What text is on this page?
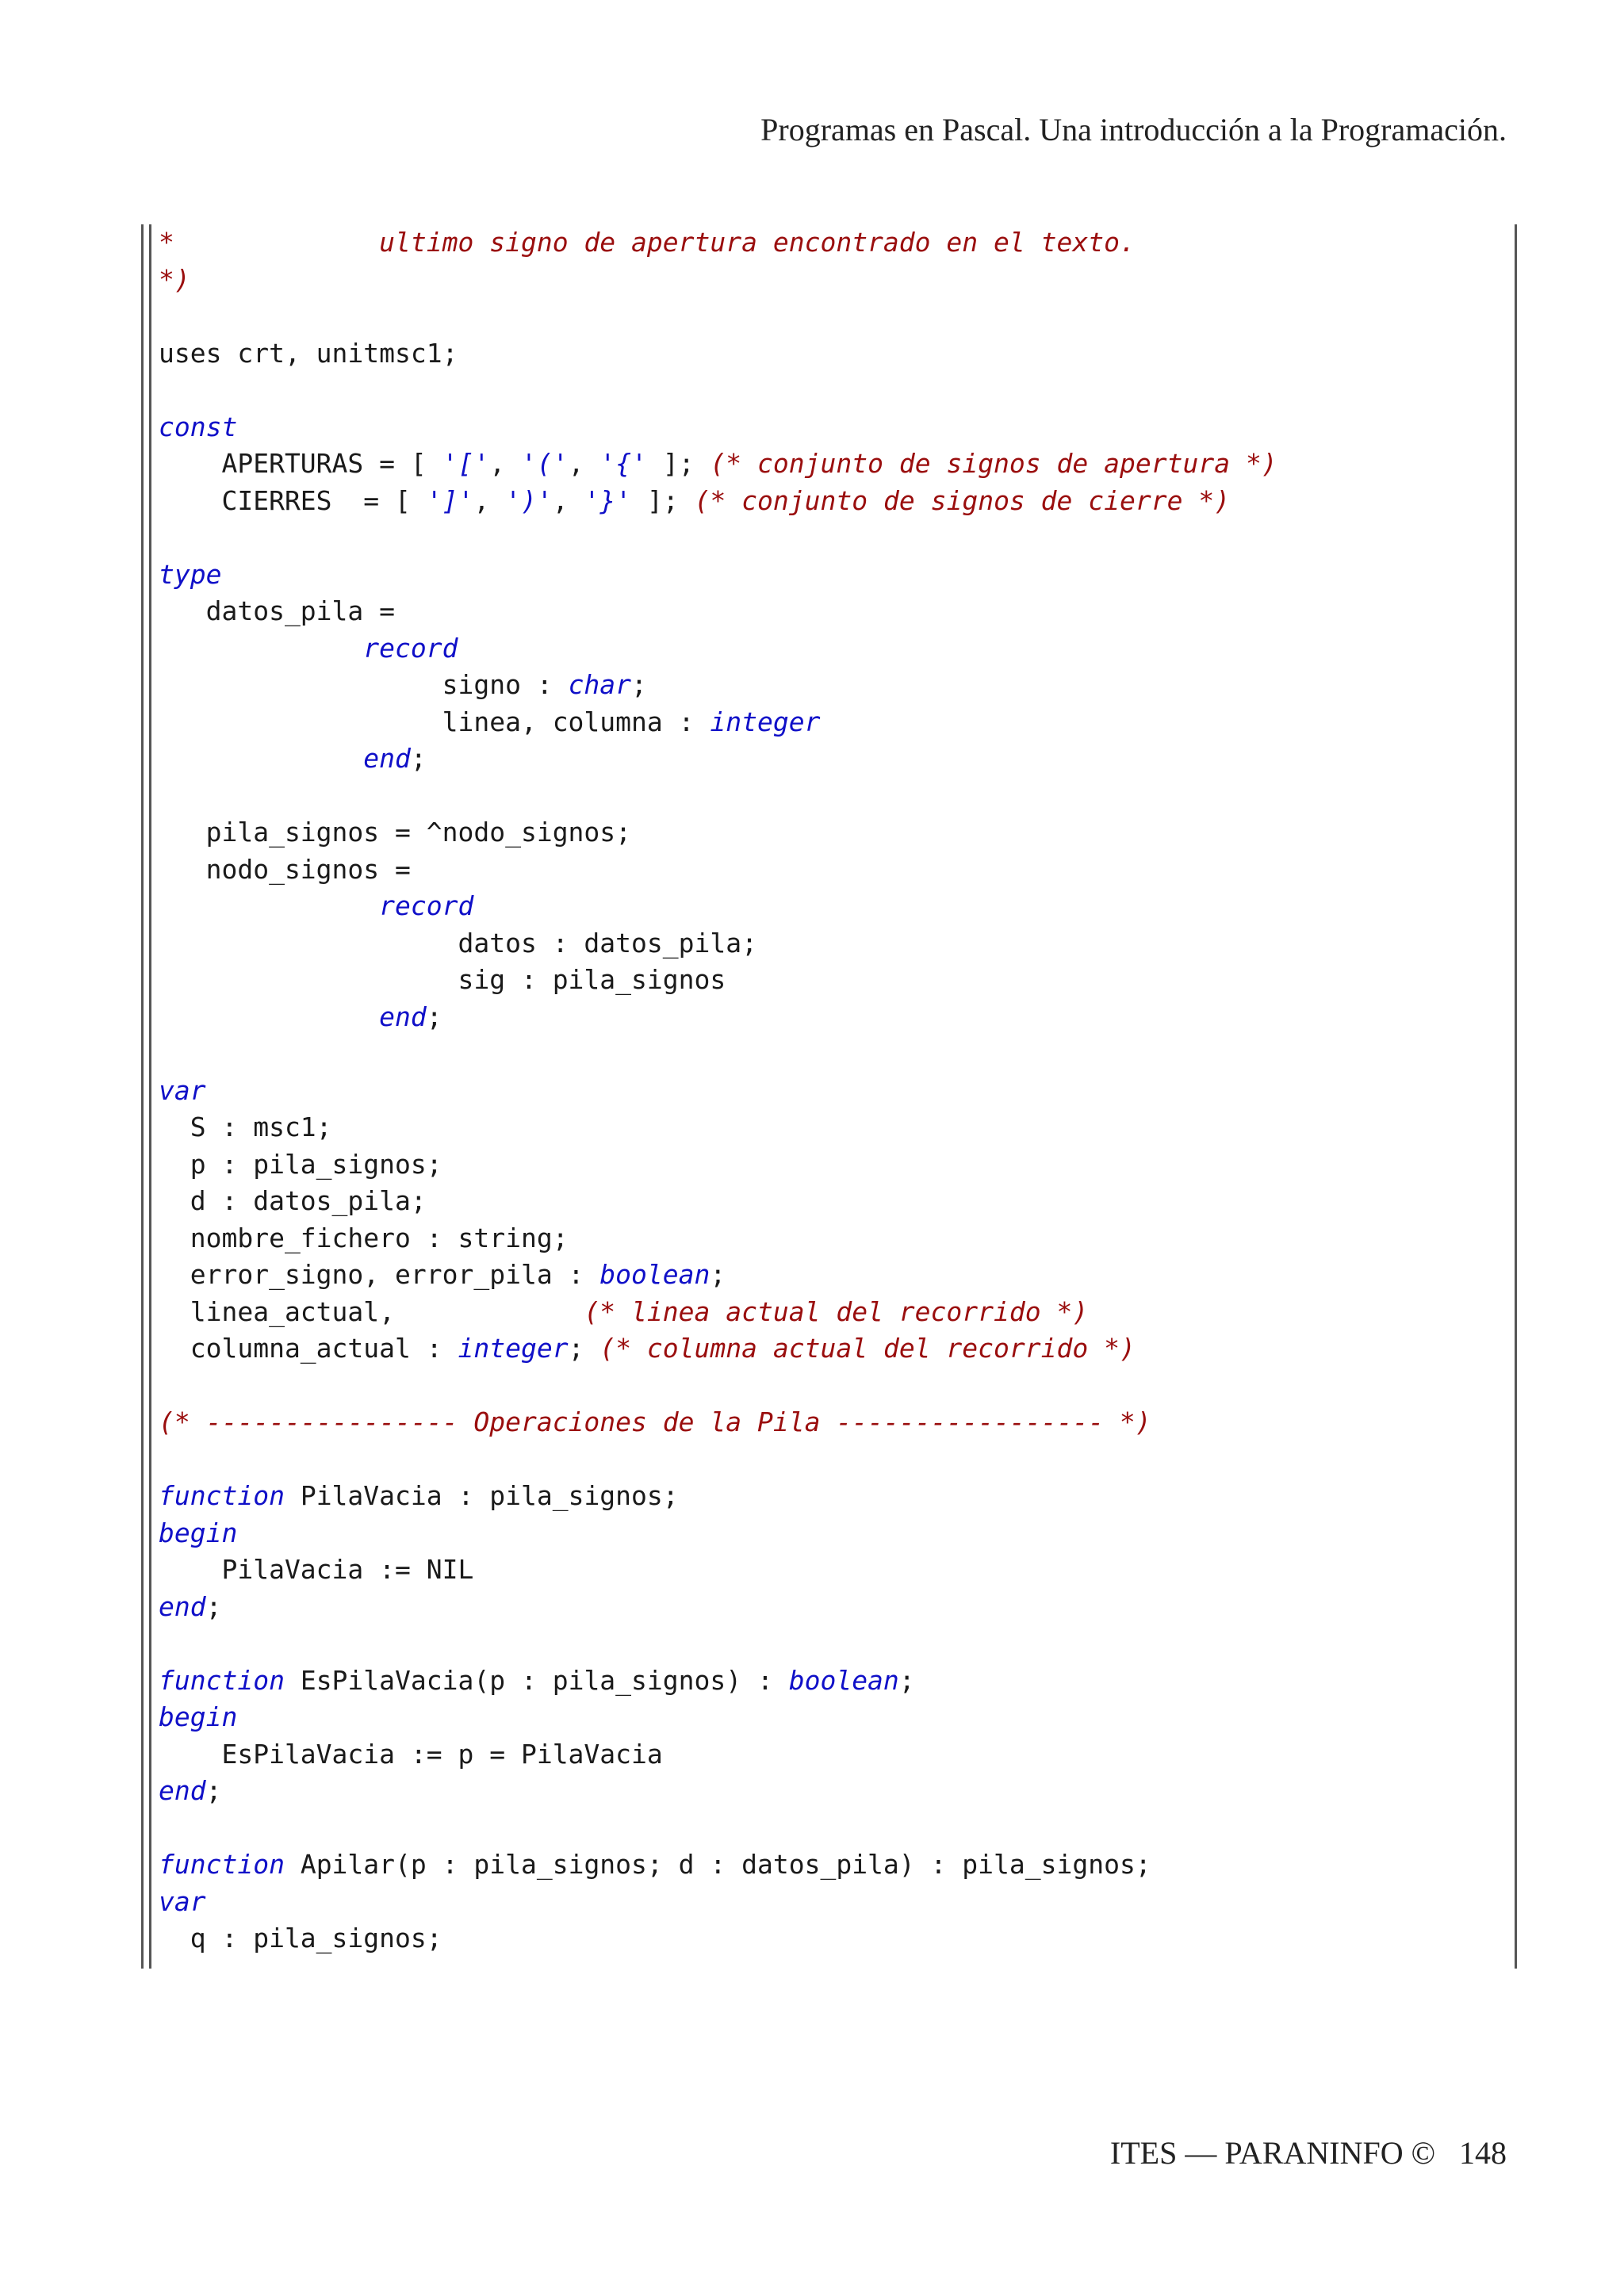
Programas en Pascal. Una introducción a la Programación.
*             ultimo signo de apertura encontrado en el texto.
*)
uses crt, unitmsc1;
const
APERTURAS = [ '[', '(', '{' ]; (* conjunto de signos de apertura *)
CIERRES  = [ ']', ')', '}' ]; (* conjunto de signos de cierre *)
type
datos_pila =
record
signo : char;
linea, columna : integer
end;
pila_signos = ^nodo_signos;
nodo_signos =
record
datos : datos_pila;
sig : pila_signos
end;
var
S : msc1;
p : pila_signos;
d : datos_pila;
nombre_fichero : string;
error_signo, error_pila : boolean;
linea_actual,            (* linea actual del recorrido *)
columna_actual : integer; (* columna actual del recorrido *)
(* ---------------- Operaciones de la Pila ----------------- *)
function PilaVacia : pila_signos;
begin
PilaVacia := NIL
end;
function EsPilaVacia(p : pila_signos) : boolean;
begin
EsPilaVacia := p = PilaVacia
end;
function Apilar(p : pila_signos; d : datos_pila) : pila_signos;
var
q : pila_signos;
ITES — PARANINFO © 148
